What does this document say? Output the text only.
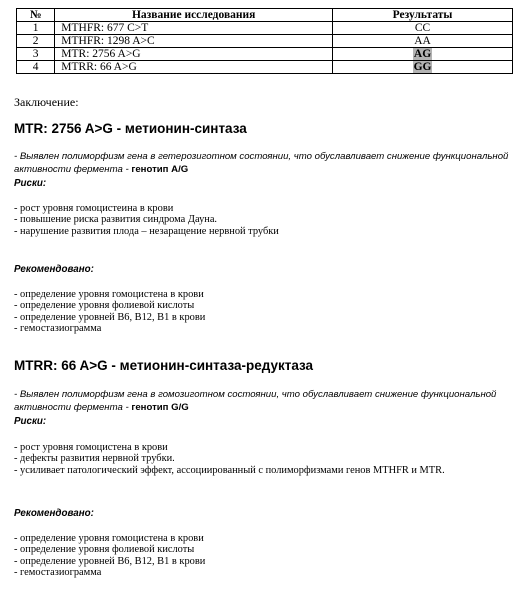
№	Название исследования	Результаты
1	MTHFR: 677 C>T	CC
2	MTHFR: 1298 A>C	AA
3	MTR: 2756 A>G	AG
4	MTRR: 66 A>G	GG
Заключение:
MTR: 2756 A>G - метионин-синтаза
- Выявлен полиморфизм гена в гетерозиготном состоянии, что обуславливает снижение функциональной
активности фермента - генотип A/G
Риски:
- рост уровня гомоцистеина в крови
- повышение риска развития синдрома Дауна.
- нарушение развития плода – незаращение нервной трубки
Рекомендовано:
- определение уровня гомоцистена в крови
- определение уровня фолиевой кислоты
- определение уровней B6, B12, B1 в крови
- гемостазиограмма
MTRR: 66 A>G - метионин-синтаза-редуктаза
- Выявлен полиморфизм гена в гомозиготном состоянии, что обуславливает снижение функциональной
активности фермента - генотип G/G
Риски:
- рост уровня гомоцистена в крови
- дефекты развития нервной трубки.
- усиливает патологический эффект, ассоциированный с полиморфизмами генов MTHFR и MTR.
Рекомендовано:
- определение уровня гомоцистена в крови
- определение уровня фолиевой кислоты
- определение уровней B6, B12, B1 в крови
- гемостазиограмма
